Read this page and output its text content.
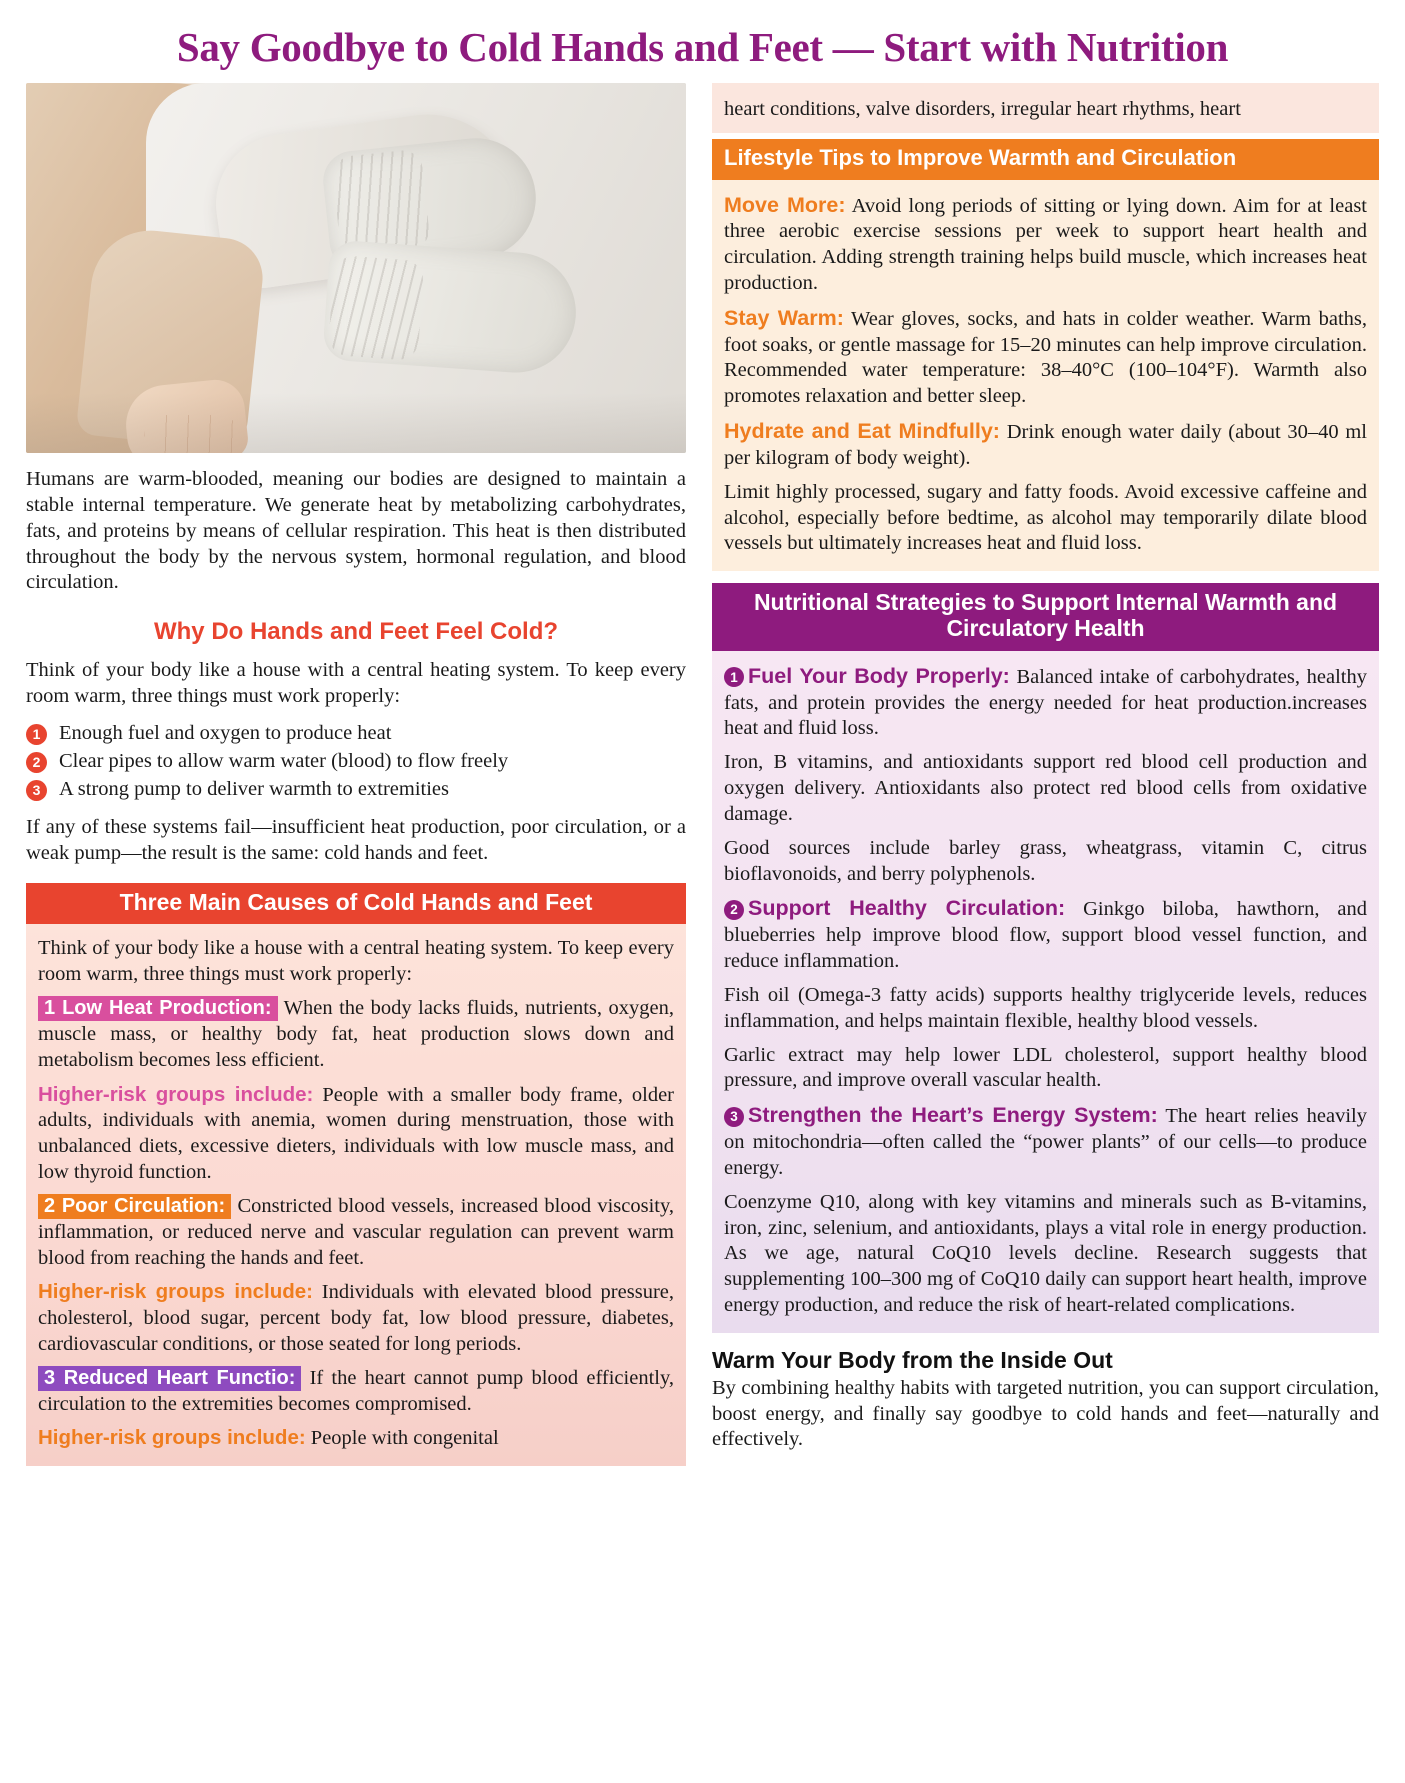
Say Goodbye to Cold Hands and Feet — Start with Nutrition

Humans are warm-blooded, meaning our bodies are designed to maintain a stable internal temperature. We generate heat by metabolizing carbohydrates, fats, and proteins by means of cellular respiration. This heat is then distributed throughout the body by the nervous system, hormonal regulation, and blood circulation.

Why Do Hands and Feet Feel Cold?

Think of your body like a house with a central heating system. To keep every room warm, three things must work properly:

1 Enough fuel and oxygen to produce heat
2 Clear pipes to allow warm water (blood) to flow freely
3 A strong pump to deliver warmth to extremities

If any of these systems fail—insufficient heat production, poor circulation, or a weak pump—the result is the same: cold hands and feet.

Three Main Causes of Cold Hands and Feet

Think of your body like a house with a central heating system. To keep every room warm, three things must work properly:

1 Low Heat Production: When the body lacks fluids, nutrients, oxygen, muscle mass, or healthy body fat, heat production slows down and metabolism becomes less efficient.

Higher-risk groups include: People with a smaller body frame, older adults, individuals with anemia, women during menstruation, those with unbalanced diets, excessive dieters, individuals with low muscle mass, and low thyroid function.

2 Poor Circulation: Constricted blood vessels, increased blood viscosity, inflammation, or reduced nerve and vascular regulation can prevent warm blood from reaching the hands and feet.

Higher-risk groups include: Individuals with elevated blood pressure, cholesterol, blood sugar, percent body fat, low blood pressure, diabetes, cardiovascular conditions, or those seated for long periods.

3 Reduced Heart Functio: If the heart cannot pump blood efficiently, circulation to the extremities becomes compromised.

Higher-risk groups include: People with congenital

heart conditions, valve disorders, irregular heart rhythms, heart

Lifestyle Tips to Improve Warmth and Circulation

Move More: Avoid long periods of sitting or lying down. Aim for at least three aerobic exercise sessions per week to support heart health and circulation. Adding strength training helps build muscle, which increases heat production.

Stay Warm: Wear gloves, socks, and hats in colder weather. Warm baths, foot soaks, or gentle massage for 15–20 minutes can help improve circulation. Recommended water temperature: 38–40°C (100–104°F). Warmth also promotes relaxation and better sleep.

Hydrate and Eat Mindfully: Drink enough water daily (about 30–40 ml per kilogram of body weight).

Limit highly processed, sugary and fatty foods. Avoid excessive caffeine and alcohol, especially before bedtime, as alcohol may temporarily dilate blood vessels but ultimately increases heat and fluid loss.

Nutritional Strategies to Support Internal Warmth and Circulatory Health

1 Fuel Your Body Properly: Balanced intake of carbohydrates, healthy fats, and protein provides the energy needed for heat production.increases heat and fluid loss.

Iron, B vitamins, and antioxidants support red blood cell production and oxygen delivery. Antioxidants also protect red blood cells from oxidative damage.

Good sources include barley grass, wheatgrass, vitamin C, citrus bioflavonoids, and berry polyphenols.

2 Support Healthy Circulation: Ginkgo biloba, hawthorn, and blueberries help improve blood flow, support blood vessel function, and reduce inflammation.

Fish oil (Omega-3 fatty acids) supports healthy triglyceride levels, reduces inflammation, and helps maintain flexible, healthy blood vessels.

Garlic extract may help lower LDL cholesterol, support healthy blood pressure, and improve overall vascular health.

3 Strengthen the Heart’s Energy System: The heart relies heavily on mitochondria—often called the “power plants” of our cells—to produce energy.

Coenzyme Q10, along with key vitamins and minerals such as B-vitamins, iron, zinc, selenium, and antioxidants, plays a vital role in energy production. As we age, natural CoQ10 levels decline. Research suggests that supplementing 100–300 mg of CoQ10 daily can support heart health, improve energy production, and reduce the risk of heart-related complications.

Warm Your Body from the Inside Out

By combining healthy habits with targeted nutrition, you can support circulation, boost energy, and finally say goodbye to cold hands and feet—naturally and effectively.
